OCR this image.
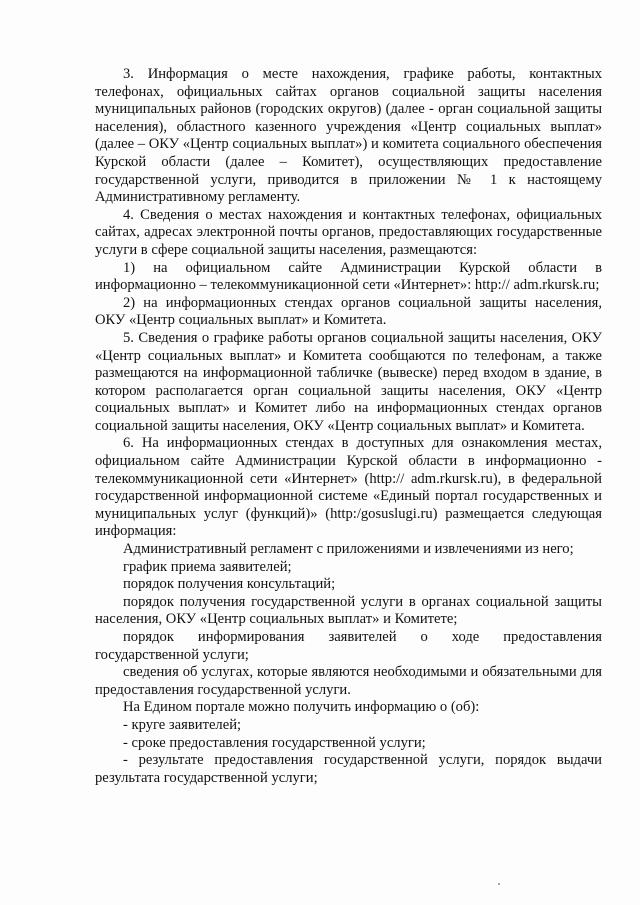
3. Информация о месте нахождения, графике работы, контактных телефонах, официальных сайтах органов социальной защиты населения муниципальных районов (городских округов) (далее - орган социальной защиты населения), областного казенного учреждения «Центр социальных выплат» (далее – ОКУ «Центр социальных выплат») и комитета социального обеспечения Курской области (далее – Комитет), осуществляющих предоставление государственной услуги, приводится в приложении № 1 к настоящему Административному регламенту.

4. Сведения о местах нахождения и контактных телефонах, официальных сайтах, адресах электронной почты органов, предоставляющих государственные услуги в сфере социальной защиты населения, размещаются:

1) на официальном сайте Администрации Курской области в информационно – телекоммуникационной сети «Интернет»: http:// adm.rkursk.ru;

2) на информационных стендах органов социальной защиты населения, ОКУ «Центр социальных выплат» и Комитета.

5. Сведения о графике работы органов социальной защиты населения, ОКУ «Центр социальных выплат» и Комитета сообщаются по телефонам, а также размещаются на информационной табличке (вывеске) перед входом в здание, в котором располагается орган социальной защиты населения, ОКУ «Центр социальных выплат» и Комитет либо на информационных стендах органов социальной защиты населения, ОКУ «Центр социальных выплат» и Комитета.

6. На информационных стендах в доступных для ознакомления местах, официальном сайте Администрации Курской области в информационно - телекоммуникационной сети «Интернет» (http:// adm.rkursk.ru), в федеральной государственной информационной системе «Единый портал государственных и муниципальных услуг (функций)» (http:/gosuslugi.ru) размещается следующая информация:

Административный регламент с приложениями и извлечениями из него;

график приема заявителей;

порядок получения консультаций;

порядок получения государственной услуги в органах социальной защиты населения, ОКУ «Центр социальных выплат» и Комитете;

порядок информирования заявителей о ходе предоставления государственной услуги;

сведения об услугах, которые являются необходимыми и обязательными для предоставления государственной услуги.

На Едином портале можно получить информацию о (об):

- круге заявителей;

- сроке предоставления государственной услуги;

- результате предоставления государственной услуги, порядок выдачи результата государственной услуги;
